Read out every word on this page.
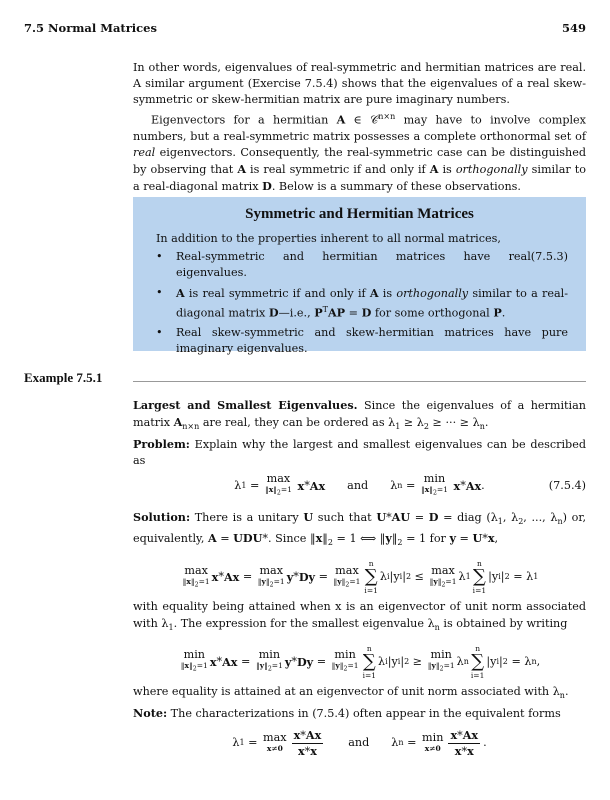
7.5 Normal Matrices	549

In other words, eigenvalues of real-symmetric and hermitian matrices are real. A similar argument (Exercise 7.5.4) shows that the eigenvalues of a real skew-symmetric or skew-hermitian matrix are pure imaginary numbers.

Eigenvectors for a hermitian A ∈ 𝒞$^{n\times n}$ may have to involve complex numbers, but a real-symmetric matrix possesses a complete orthonormal set of real eigenvectors. Consequently, the real-symmetric case can be distinguished by observing that A is real symmetric if and only if A is orthogonally similar to a real-diagonal matrix D. Below is a summary of these observations.

Symmetric and Hermitian Matrices
In addition to the properties inherent to all normal matrices,
•	(7.5.3)
Real-symmetric and hermitian matrices have real eigenvalues.
• A is real symmetric if and only if A is orthogonally similar to a real-diagonal matrix D—i.e., $P^TAP = D$ for some orthogonal P.
• Real skew-symmetric and skew-hermitian matrices have pure imaginary eigenvalues.
Example 7.5.1

Largest and Smallest Eigenvalues. Since the eigenvalues of a hermitian matrix $A_{n\times n}$ are real, they can be ordered as $\lambda_1 \ge \lambda_2$ ≥ ··· ≥ $\lambda_n$.

Problem: Explain why the largest and smallest eigenvalues can be described as

λ 1 =
max
$‖x‖_2=1$
x * Ax and λ n =
min
$‖x‖_2=1$
x * Ax .	(7.5.4)

Solution: There is a unitary U such that U*AU = D = diag ($\lambda_1$, $\lambda_2$, ..., $\lambda_n$) or, equivalently, A = UDU*. Since $‖x‖_2 = 1$ ⟺ $‖y‖_2 = 1$ for y = U*x,

max
$‖x‖_2=1$ x * Ax =
max
$‖y‖_2=1$ y * Dy =
max
$‖y‖_2=1$
n
∑
i=1
λ i |y i | 2 ≤
max
$‖y‖_2=1$ λ 1
n
∑
i=1
|y i | 2 = λ 1

with equality being attained when x is an eigenvector of unit norm associated with $\lambda_1$. The expression for the smallest eigenvalue $\lambda_n$ is obtained by writing

min
$‖x‖_2=1$ x * Ax =
min
$‖y‖_2=1$ y * Dy =
min
$‖y‖_2=1$
n
∑
i=1
λ i |y i | 2 ≥
min
$‖y‖_2=1$ λ n
n
∑
i=1
|y i | 2 = λ n ,

where equality is attained at an eigenvector of unit norm associated with $\lambda_n$.
Note: The characterizations in (7.5.4) often appear in the equivalent forms

λ 1 = max
$x\ne 0 \frac{x*Ax}{x*x}$ and λ n = min
$x\ne 0 \frac{x*Ax}{x*x}$ .
